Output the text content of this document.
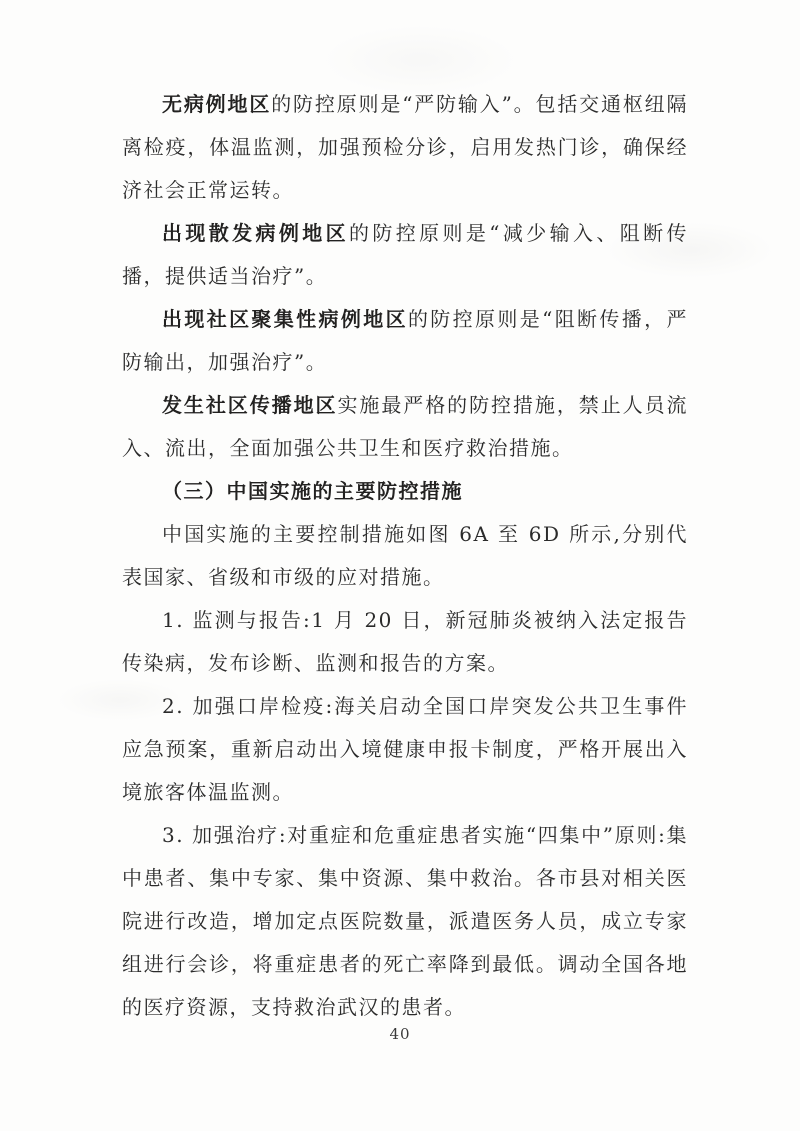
无病例地区的防控原则是“严防输入”。包括交通枢纽隔离检疫，体温监测，加强预检分诊，启用发热门诊，确保经济社会正常运转。

出现散发病例地区的防控原则是“减少输入、阻断传播，提供适当治疗”。

出现社区聚集性病例地区的防控原则是“阻断传播，严防输出，加强治疗”。

发生社区传播地区实施最严格的防控措施，禁止人员流入、流出，全面加强公共卫生和医疗救治措施。

（三）中国实施的主要防控措施

中国实施的主要控制措施如图 6A 至 6D 所示,分别代表国家、省级和市级的应对措施。

1. 监测与报告:1 月 20 日，新冠肺炎被纳入法定报告传染病，发布诊断、监测和报告的方案。

2. 加强口岸检疫:海关启动全国口岸突发公共卫生事件应急预案，重新启动出入境健康申报卡制度，严格开展出入境旅客体温监测。

3. 加强治疗:对重症和危重症患者实施“四集中”原则:集中患者、集中专家、集中资源、集中救治。各市县对相关医院进行改造，增加定点医院数量，派遣医务人员，成立专家组进行会诊，将重症患者的死亡率降到最低。调动全国各地的医疗资源，支持救治武汉的患者。

40
